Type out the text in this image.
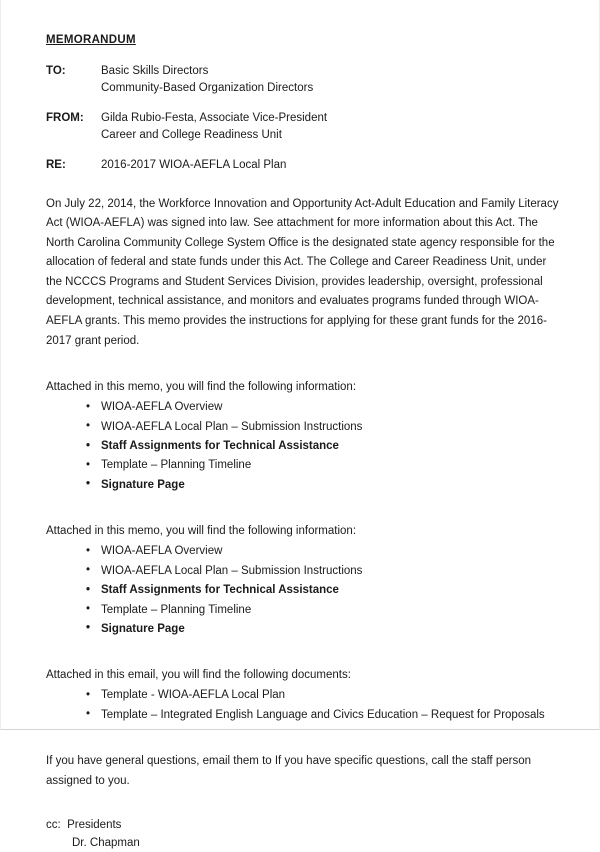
MEMORANDUM
TO:	Basic Skills Directors
Community-Based Organization Directors

FROM:	Gilda Rubio-Festa, Associate Vice-President
Career and College Readiness Unit

RE:	2016-2017 WIOA-AEFLA Local Plan

On July 22, 2014, the Workforce Innovation and Opportunity Act-Adult Education and Family Literacy Act (WIOA-AEFLA) was signed into law. See attachment for more information about this Act. The North Carolina Community College System Office is the designated state agency responsible for the allocation of federal and state funds under this Act. The College and Career Readiness Unit, under the NCCCS Programs and Student Services Division, provides leadership, oversight, professional development, technical assistance, and monitors and evaluates programs funded through WIOA-AEFLA grants. This memo provides the instructions for applying for these grant funds for the 2016-2017 grant period.

Attached in this memo, you will find the following information:

• WIOA-AEFLA Overview
• WIOA-AEFLA Local Plan – Submission Instructions
• Staff Assignments for Technical Assistance
• Template – Planning Timeline
• Signature Page

Attached in this memo, you will find the following information:

• WIOA-AEFLA Overview
• WIOA-AEFLA Local Plan – Submission Instructions
• Staff Assignments for Technical Assistance
• Template – Planning Timeline
• Signature Page

Attached in this email, you will find the following documents:

• Template - WIOA-AEFLA Local Plan
• Template – Integrated English Language and Civics Education – Request for Proposals

If you have general questions, email them to If you have specific questions, call the staff person assigned to you.

cc:  Presidents

Dr. Chapman
